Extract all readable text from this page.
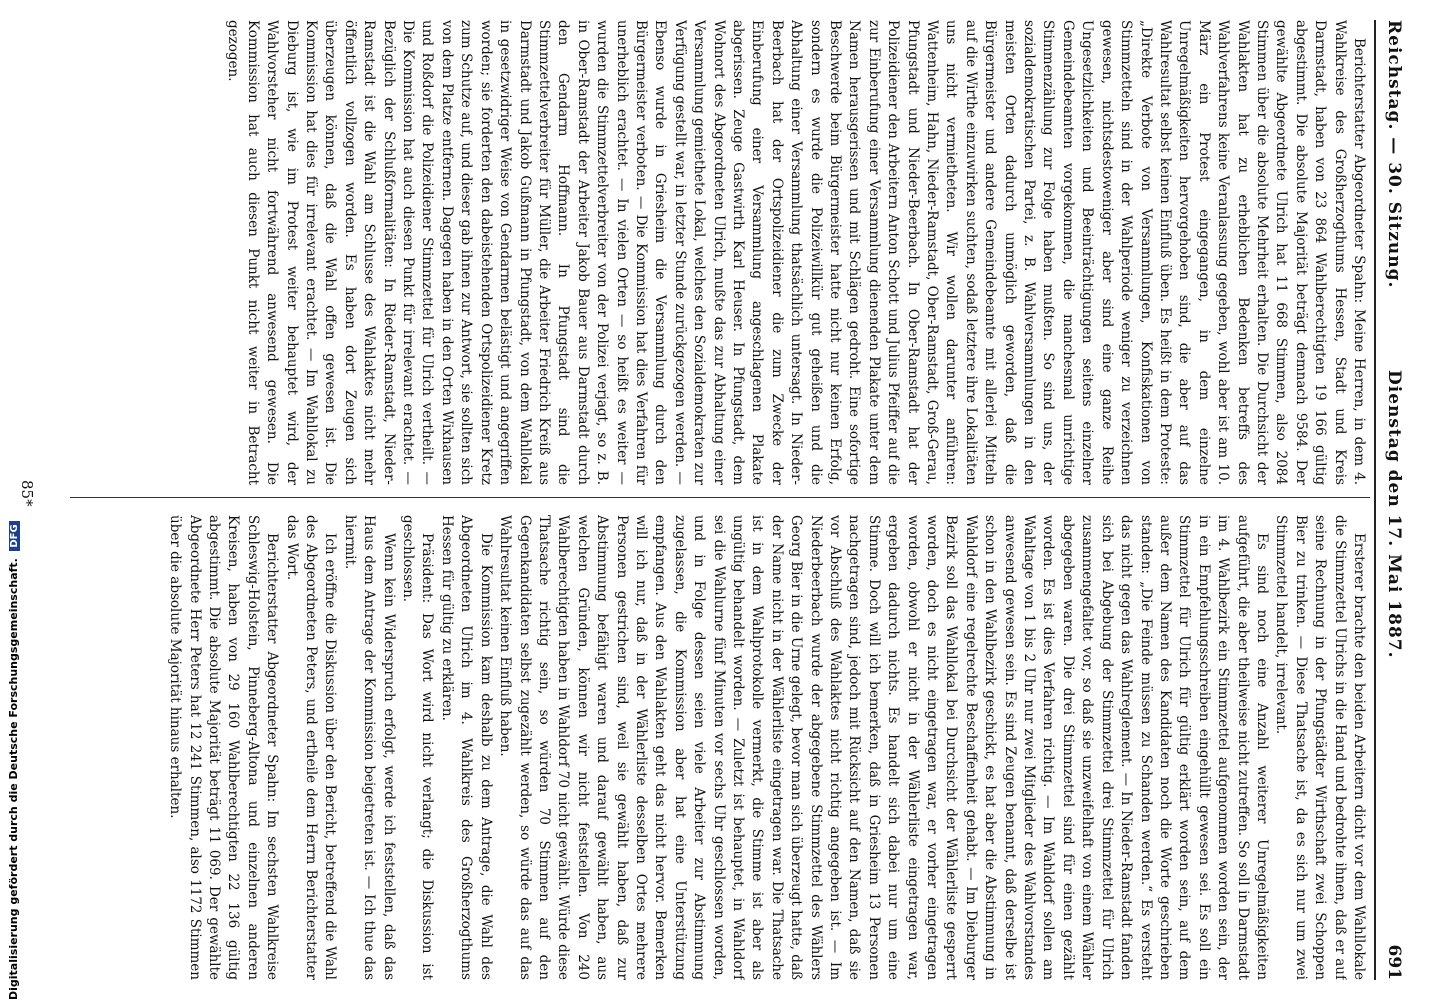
Reichstag. — 30. Sitzung.
Dienstag den 17. Mai 1887.
691

Berichterstatter Abgeordneter Spahn: Meine Herren, in dem 4. Wahlkreise des Großherzogthums Hessen, Stadt und Kreis Darmstadt, haben von 23 864 Wahlberechtigten 19 166 gültig abgestimmt. Die absolute Majorität beträgt demnach 9584. Der gewählte Abgeordnete Ulrich hat 11 668 Stimmen, also 2084 Stimmen über die absolute Mehrheit erhalten. Die Durchsicht der Wahlakten hat zu erheblichen Bedenken betreffs des Wahlverfahrens keine Veranlassung gegeben, wohl aber ist am 10. März ein Protest eingegangen, in dem einzelne Unregelmäßigkeiten hervorgehoben sind, die aber auf das Wahlresultat selbst keinen Einfluß üben. Es heißt in dem Proteste: „Direkte Verbote von Versammlungen, Konfiskationen von Stimmzetteln sind in der Wahlperiode weniger zu verzeichnen gewesen, nichtsdestoweniger aber sind eine ganze Reihe Ungesetzlichkeiten und Beeinträchtigungen seitens einzelner Gemeindebeamten vorgekommen, die manchesmal unrichtige Stimmenzählung zur Folge haben mußten. So sind uns, der sozialdemokratischen Partei, z. B. Wahlversammlungen in den meisten Orten dadurch unmöglich geworden, daß die Bürgermeister und andere Gemeindebeamte mit allerlei Mitteln auf die Wirthe einzuwirken suchten, sodaß letztere ihre Lokalitäten uns nicht vermietheten. Wir wollen darunter anführen: Wattenheim, Hahn, Nieder-Ramstadt, Ober-Ramstadt, Groß-Gerau, Pfungstadt und Nieder-Beerbach. In Ober-Ramstadt hat der Polizeidiener den Arbeitern Anton Schott und Julius Pfeiffer auf die zur Einberufung einer Versammlung dienenden Plakate unter dem Namen herausgerissen und mit Schlägen gedroht. Eine sofortige Beschwerde beim Bürgermeister hatte nicht nur keinen Erfolg, sondern es wurde die Polizeiwillkür gut geheißen und die Abhaltung einer Versammlung thatsächlich untersagt. In Nieder-Beerbach hat der Ortspolizeidiener die zum Zwecke der Einberufung einer Versammlung angeschlagenen Plakate abgerissen. Zeuge Gastwirth Karl Heuser. In Pfungstadt, dem Wohnort des Abgeordneten Ulrich, mußte das zur Abhaltung einer Versammlung gemiethete Lokal, welches den Sozialdemokraten zur Verfügung gestellt war, in letzter Stunde zurückgezogen werden. — Ebenso wurde in Griesheim die Versammlung durch den Bürgermeister verboten. — Die Kommission hat dies Verfahren für unerheblich erachtet. — In vielen Orten — so heißt es weiter — wurden die Stimmzettelverbreiter von der Polizei verjagt, so z. B. in Ober-Ramstadt der Arbeiter Jakob Bauer aus Darmstadt durch den Gendarm Hoffmann. In Pfungstadt sind die Stimmzettelverbreiter für Müller, die Arbeiter Friedrich Kreiß aus Darmstadt und Jakob Gußmann in Pfungstadt, von dem Wahllokal in gesetzwidriger Weise von Gendarmen belästigt und angegriffen worden; sie forderten den dabeistehenden Ortspolizeidiener Kretz zum Schutze auf, und dieser gab ihnen zur Antwort, sie sollten sich von dem Platze entfernen. Dagegen haben in den Orten Wixhausen und Roßdorf die Polizeidiener Stimmzettel für Ulrich vertheilt. — Die Kommission hat auch diesen Punkt für irrelevant erachtet. — Bezüglich der Schlußformalitäten: In Rieder-Ramstadt, Nieder-Ramstadt ist die Wahl am Schlusse des Wahlaktes nicht mehr öffentlich vollzogen worden. Es haben dort Zeugen sich überzeugen können, daß die Wahl offen gewesen ist. Die Kommission hat dies für irrelevant erachtet. — Im Wahllokal zu Dieburg ist, wie im Protest weiter behauptet wird, der Wahlvorsteher nicht fortwährend anwesend gewesen. Die Kommission hat auch diesen Punkt nicht weiter in Betracht gezogen.

Ersterer brachte den beiden Arbeitern dicht vor dem Wahllokale die Stimmzettel Ulrichs in die Hand und bedrohte ihnen, daß er auf seine Rechnung in der Pfungstädter Wirthschaft zwei Schoppen Bier zu trinken. — Diese Thatsache ist, da es sich nur um zwei Stimmzettel handelt, irrelevant.

Es sind noch eine Anzahl weiterer Unregelmäßigkeiten aufgeführt, die aber theilweise nicht zutreffen. So soll in Darmstadt im 4. Wahlbezirk ein Stimmzettel aufgenommen worden sein, der in ein Empfehlungsschreiben eingehüllt gewesen sei. Es soll ein Stimmzettel für Ulrich für gültig erklärt worden sein, auf dem außer dem Namen des Kandidaten noch die Worte geschrieben standen: „Die Feinde müssen zu Schanden werden.“ Es versteht das nicht gegen das Wahlreglement. — In Nieder-Ramstadt fanden sich bei Abgebung der Stimmzettel drei Stimmzettel für Ulrich zusammengefaltet vor, so daß sie unzweifelhaft von einem Wähler abgegeben waren. Die drei Stimmzettel sind für einen gezählt worden. Es ist dies Verfahren richtig. — Im Wahldorf sollen am Wahltage von 1 bis 2 Uhr nur zwei Mitglieder des Wahlvorstandes anwesend gewesen sein. Es sind Zeugen benannt, daß derselbe ist schon in den Wahlbezirk geschickt, es hat aber die Abstimmung in Wahldorf eine regelrechte Beschaffenheit gehabt. — Im Dieburger Bezirk soll das Wahllokal bei Durchsicht der Wählerliste gesperrt worden, doch es nicht eingetragen war, er vorher eingetragen worden, obwohl er nicht in der Wählerliste eingetragen war, ergeben dadurch nichts. Es handelt sich dabei nur um eine Stimme. Doch will ich bemerken, daß in Griesheim 13 Personen nachgetragen sind, jedoch mit Rücksicht auf den Namen, daß sie vor Abschluß des Wahlaktes nicht richtig angegeben ist. — Im Niederbeerbach wurde der abgegebene Stimmzettel des Wählers Georg Bier in die Urne gelegt, bevor man sich überzeugt hatte, daß der Name nicht in der Wählerliste eingetragen war. Die Thatsache ist in dem Wahlprotokolle vermerkt, die Stimme ist aber als ungültig behandelt worden. — Zuletzt ist behauptet, in Wahldorf sei die Wahlurne fünf Minuten vor sechs Uhr geschlossen worden, und in Folge dessen seien viele Arbeiter zur Abstimmung zugelassen, die Kommission aber hat eine Unterstützung empfangen. Aus den Wahlakten geht das nicht hervor. Bemerken will ich nur, daß in der Wählerliste desselben Ortes mehrere Personen gestrichen sind, weil sie gewählt haben, daß zur Abstimmung befähigt waren und darauf gewählt haben, aus welchen Gründen, können wir nicht feststellen. Von 240 Wahlberechtigten haben in Wahldorf 70 nicht gewählt. Würde diese Thatsache richtig sein, so würden 70 Stimmen auf den Gegenkandidaten selbst zugezählt werden, so würde das auf das Wahlresultat keinen Einfluß haben.

Die Kommission kam deshalb zu dem Antrage, die Wahl des Abgeordneten Ulrich im 4. Wahlkreis des Großherzogthums Hessen für gültig zu erklären.

Präsident: Das Wort wird nicht verlangt; die Diskussion ist geschlossen.

Wenn kein Widerspruch erfolgt, werde ich feststellen, daß das Haus dem Antrage der Kommission beigetreten ist. — Ich thue das hiermit.

Ich eröffne die Diskussion über den Bericht, betreffend die Wahl des Abgeordneten Peters, und ertheile dem Herrn Berichterstatter das Wort.

Berichterstatter Abgeordneter Spahn: Im sechsten Wahlkreise Schleswig-Holstein, Pinneberg-Altona und einzelnen anderen Kreisen, haben von 29 160 Wahlberechtigten 22 136 gültig abgestimmt. Die absolute Majorität beträgt 11 069. Der gewählte Abgeordnete Herr Peters hat 12 241 Stimmen, also 1172 Stimmen über die absolute Majorität hinaus erhalten.

85*
Digitalisierung gefördert durch die Deutsche Forschungsgemeinschaft. DFG
